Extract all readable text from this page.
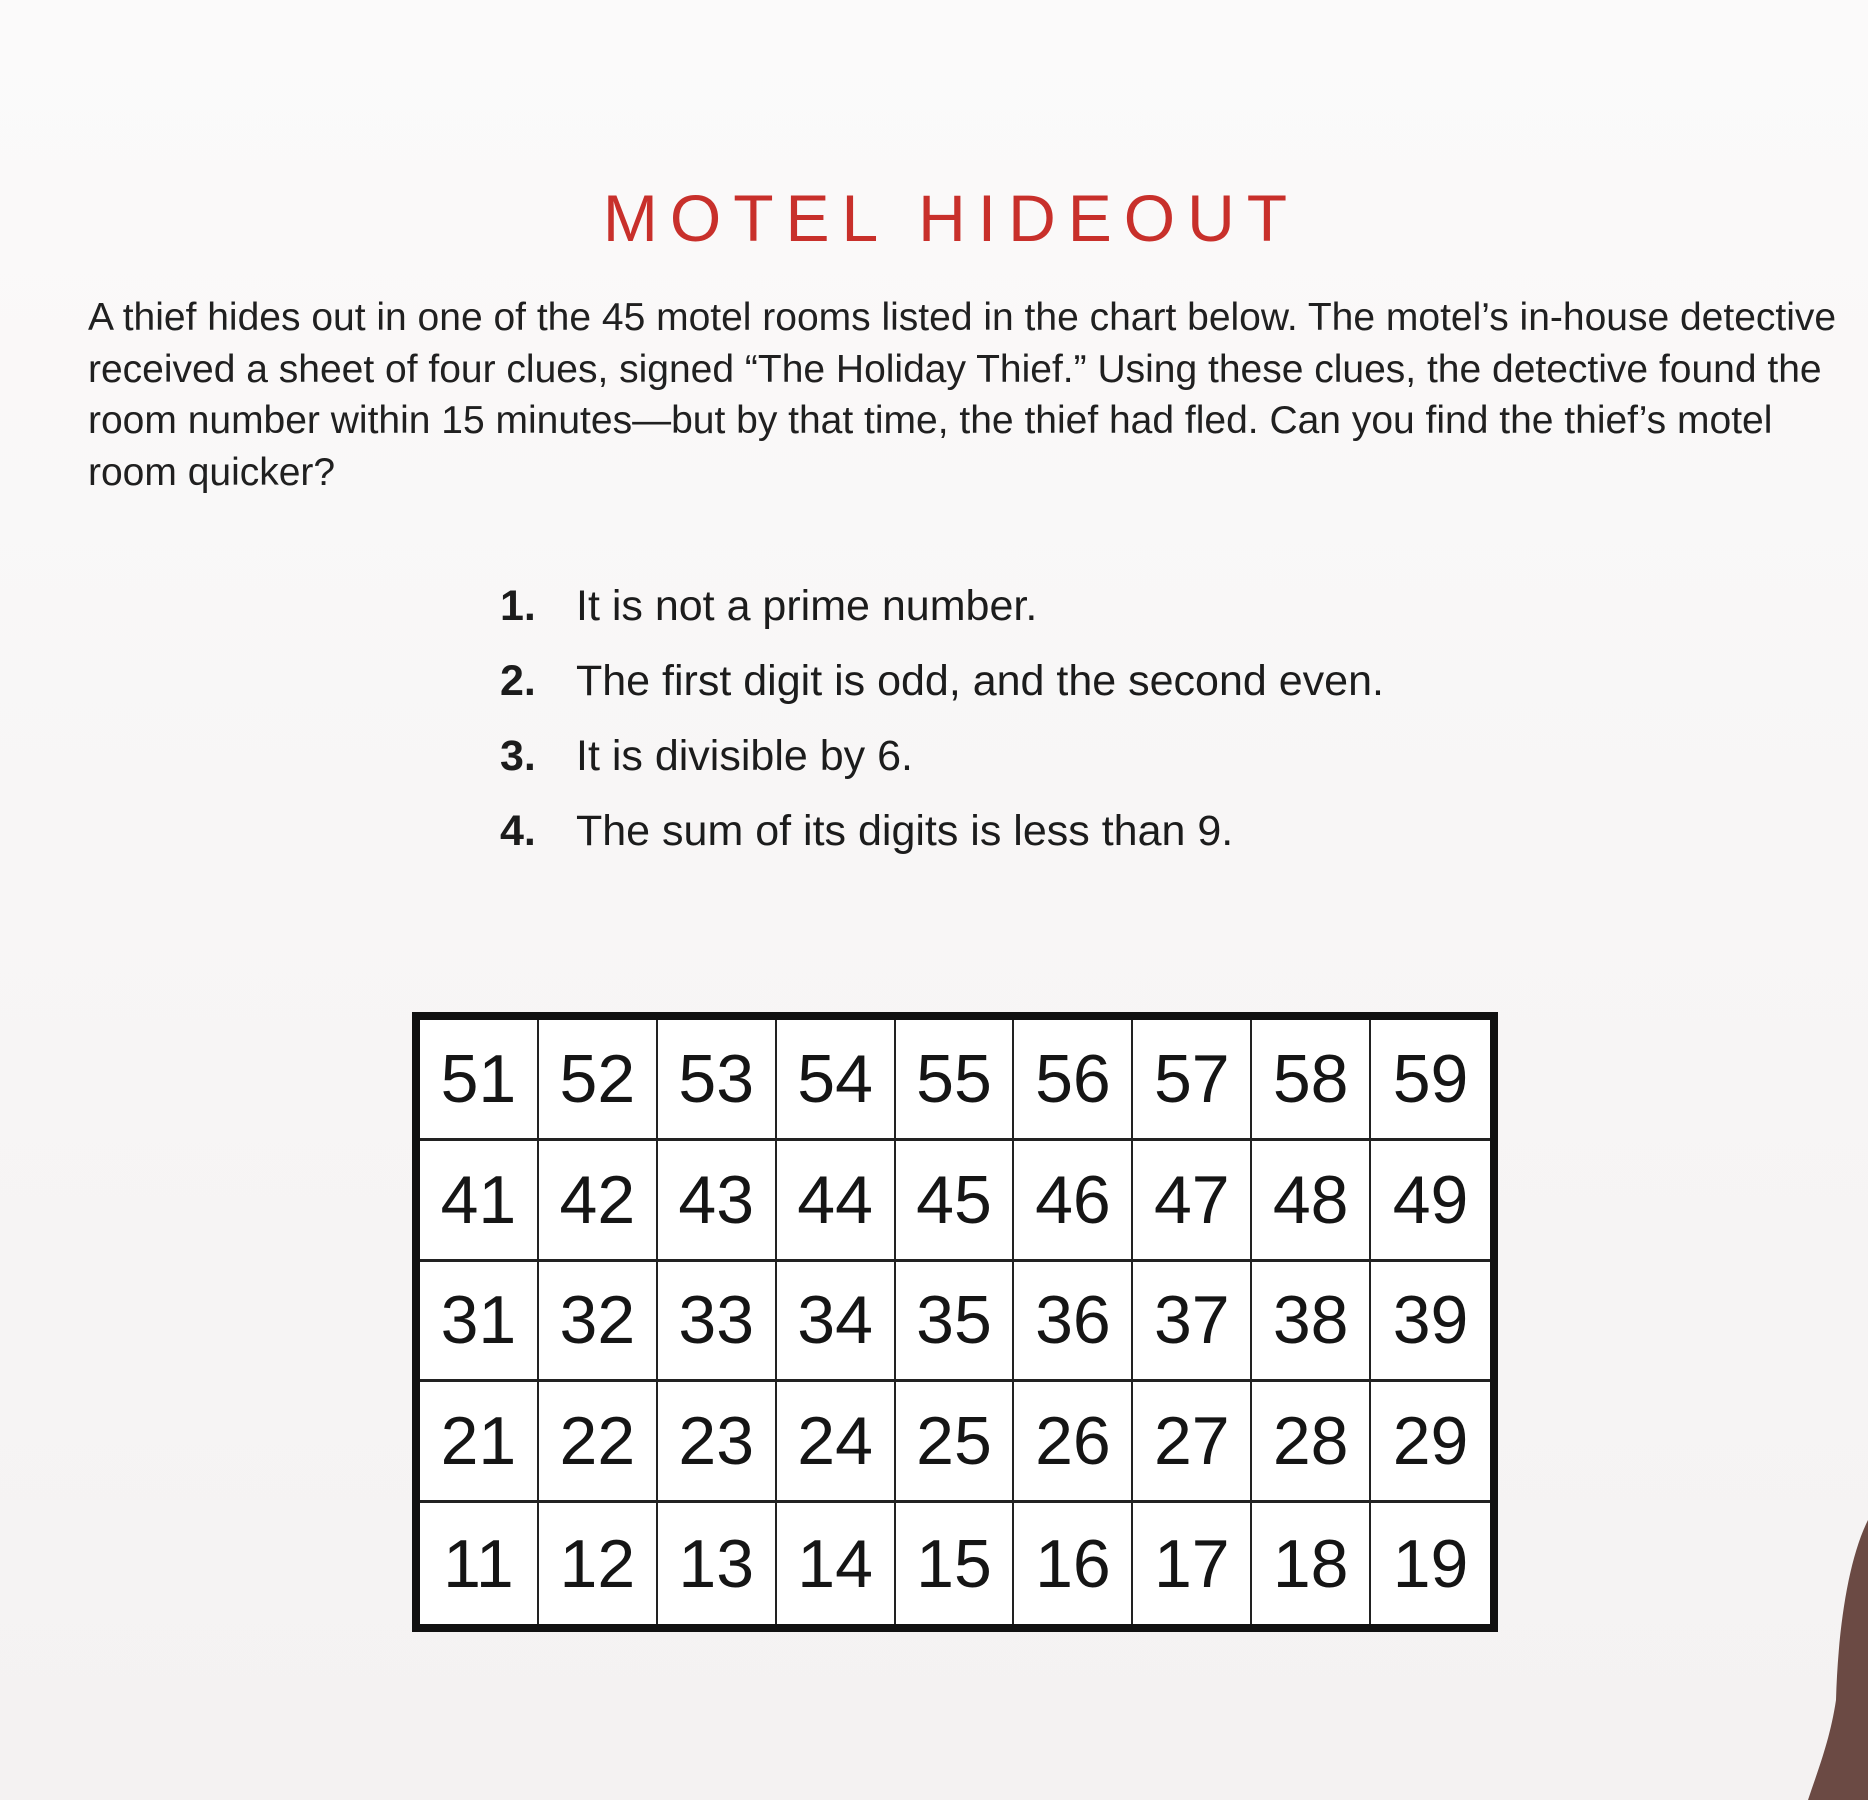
MOTEL HIDEOUT

A thief hides out in one of the 45 motel rooms listed in the chart below. The motel’s in-house detective received a sheet of four clues, signed “The Holiday Thief.” Using these clues, the detective found the room number within 15 minutes—but by that time, the thief had fled. Can you find the thief’s motel room quicker?

1. It is not a prime number.
2. The first digit is odd, and the second even.
3. It is divisible by 6.
4. The sum of its digits is less than 9.
51 52 53 54 55 56 57 58 59
41 42 43 44 45 46 47 48 49
31 32 33 34 35 36 37 38 39
21 22 23 24 25 26 27 28 29
11 12 13 14 15 16 17 18 19
